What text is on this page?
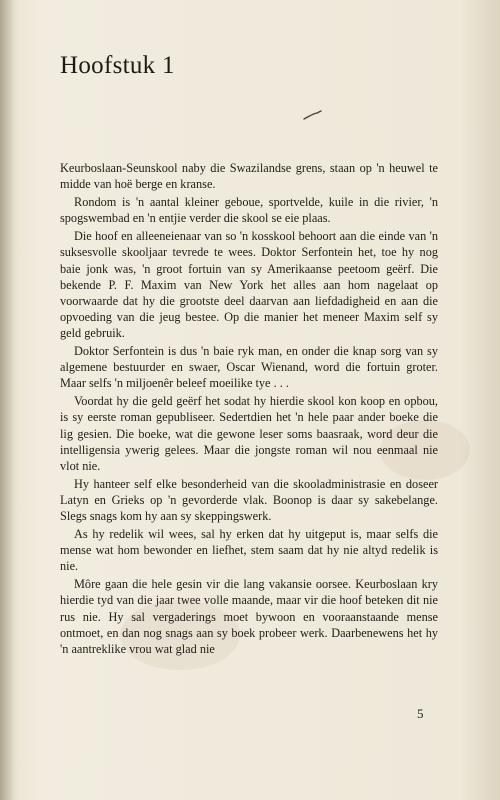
Hoofstuk 1

Keurboslaan-Seunskool naby die Swazilandse grens, staan op 'n heuwel te midde van hoë berge en kranse.

Rondom is 'n aantal kleiner geboue, sportvelde, kuile in die rivier, 'n spogswembad en 'n entjie verder die skool se eie plaas.

Die hoof en alleeneienaar van so 'n kosskool behoort aan die einde van 'n suksesvolle skooljaar tevrede te wees. Doktor Serfontein het, toe hy nog baie jonk was, 'n groot fortuin van sy Amerikaanse peetoom geërf. Die bekende P. F. Maxim van New York het alles aan hom nagelaat op voorwaarde dat hy die grootste deel daarvan aan liefdadigheid en aan die opvoeding van die jeug bestee. Op die manier het meneer Maxim self sy geld gebruik.

Doktor Serfontein is dus 'n baie ryk man, en onder die knap sorg van sy algemene bestuurder en swaer, Oscar Wienand, word die fortuin groter. Maar selfs 'n miljoenêr beleef moeilike tye . . .

Voordat hy die geld geërf het sodat hy hierdie skool kon koop en opbou, is sy eerste roman gepubliseer. Sedertdien het 'n hele paar ander boeke die lig gesien. Die boeke, wat die gewone leser soms baasraak, word deur die intelligensia ywerig gelees. Maar die jongste roman wil nou eenmaal nie vlot nie.

Hy hanteer self elke besonderheid van die skooladministrasie en doseer Latyn en Grieks op 'n gevorderde vlak. Boonop is daar sy sakebelange. Slegs snags kom hy aan sy skeppingswerk.

As hy redelik wil wees, sal hy erken dat hy uitgeput is, maar selfs die mense wat hom bewonder en liefhet, stem saam dat hy nie altyd redelik is nie.

Môre gaan die hele gesin vir die lang vakansie oorsee. Keurboslaan kry hierdie tyd van die jaar twee volle maande, maar vir die hoof beteken dit nie rus nie. Hy sal vergaderings moet bywoon en vooraanstaande mense ontmoet, en dan nog snags aan sy boek probeer werk. Daarbenewens het hy 'n aantreklike vrou wat glad nie

5
